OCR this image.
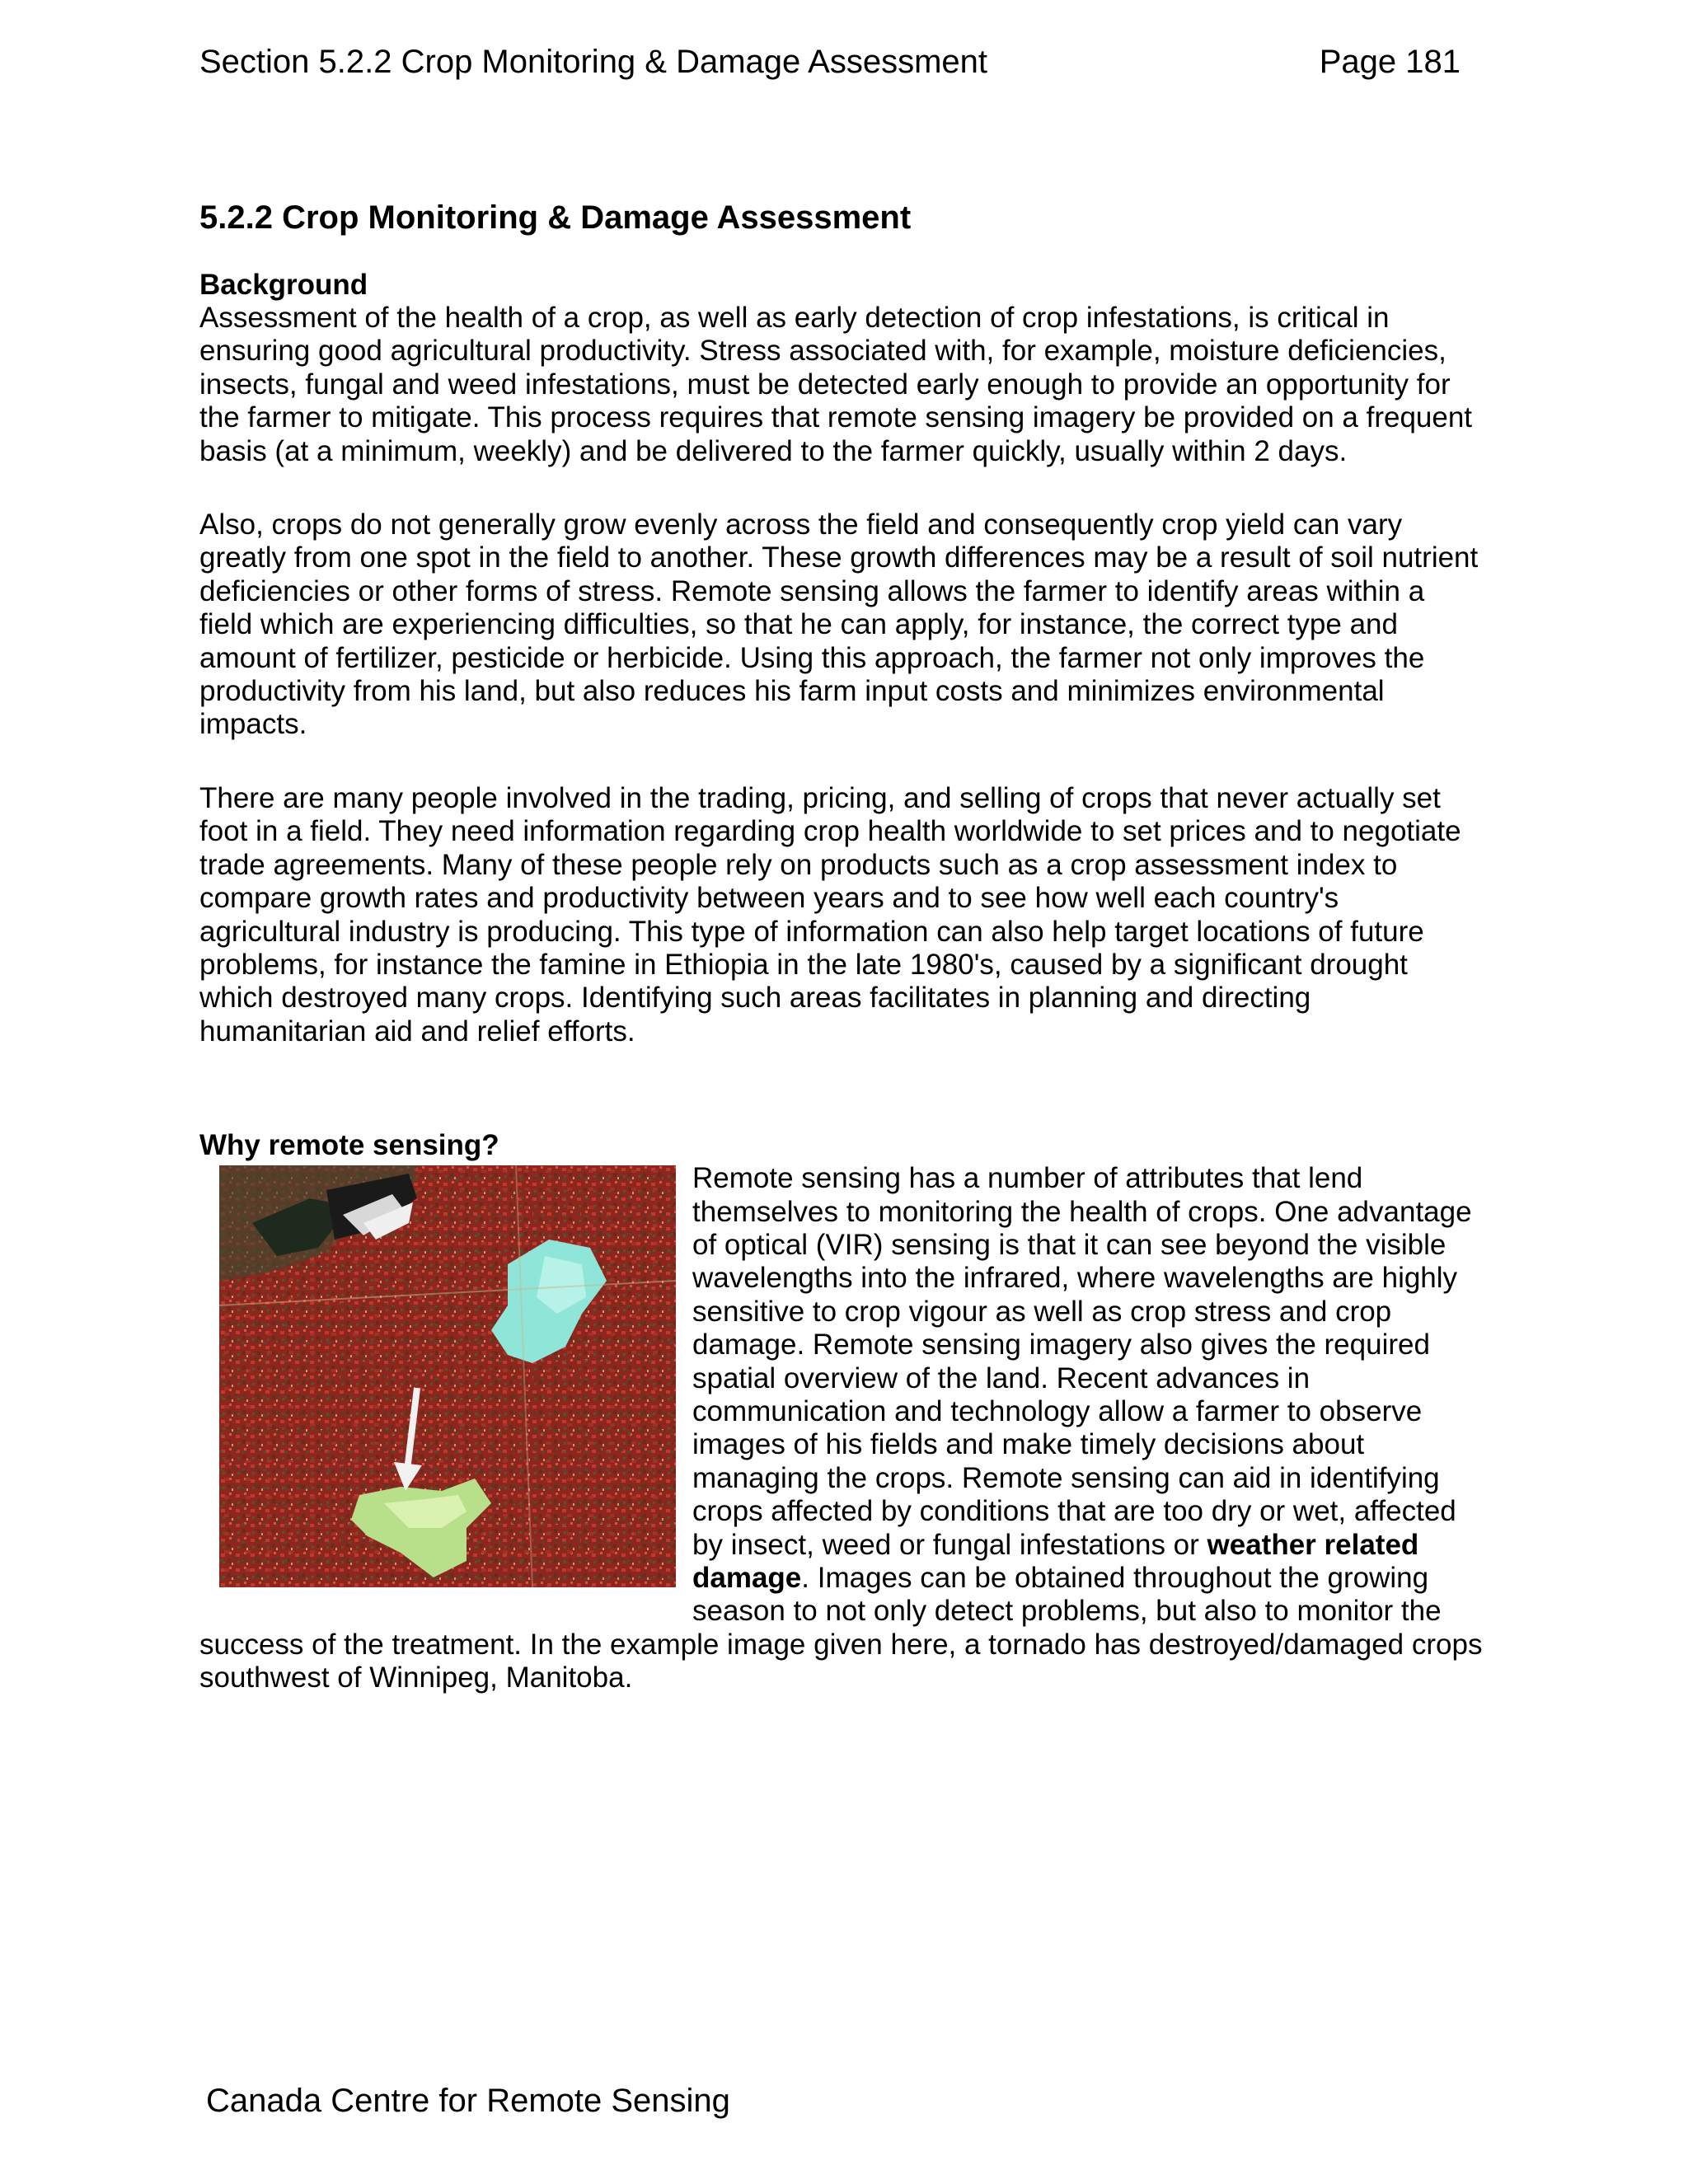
Section 5.2.2 Crop Monitoring & Damage Assessment	Page 181
5.2.2 Crop Monitoring & Damage Assessment
Background

Assessment of the health of a crop, as well as early detection of crop infestations, is critical in ensuring good agricultural productivity. Stress associated with, for example, moisture deficiencies, insects, fungal and weed infestations, must be detected early enough to provide an opportunity for the farmer to mitigate. This process requires that remote sensing imagery be provided on a frequent basis (at a minimum, weekly) and be delivered to the farmer quickly, usually within 2 days.

Also, crops do not generally grow evenly across the field and consequently crop yield can vary greatly from one spot in the field to another. These growth differences may be a result of soil nutrient deficiencies or other forms of stress. Remote sensing allows the farmer to identify areas within a field which are experiencing difficulties, so that he can apply, for instance, the correct type and amount of fertilizer, pesticide or herbicide. Using this approach, the farmer not only improves the productivity from his land, but also reduces his farm input costs and minimizes environmental impacts.

There are many people involved in the trading, pricing, and selling of crops that never actually set foot in a field. They need information regarding crop health worldwide to set prices and to negotiate trade agreements. Many of these people rely on products such as a crop assessment index to compare growth rates and productivity between years and to see how well each country's agricultural industry is producing. This type of information can also help target locations of future problems, for instance the famine in Ethiopia in the late 1980's, caused by a significant drought which destroyed many crops. Identifying such areas facilitates in planning and directing humanitarian aid and relief efforts.

Why remote sensing?

Remote sensing has a number of attributes that lend themselves to monitoring the health of crops. One advantage of optical (VIR) sensing is that it can see beyond the visible wavelengths into the infrared, where wavelengths are highly sensitive to crop vigour as well as crop stress and crop damage. Remote sensing imagery also gives the required spatial overview of the land. Recent advances in communication and technology allow a farmer to observe images of his fields and make timely decisions about managing the crops. Remote sensing can aid in identifying crops affected by conditions that are too dry or wet, affected by insect, weed or fungal infestations or weather related damage. Images can be obtained throughout the growing season to not only detect problems, but also to monitor the success of the treatment. In the example image given here, a tornado has destroyed/damaged crops southwest of Winnipeg, Manitoba.

Canada Centre for Remote Sensing
